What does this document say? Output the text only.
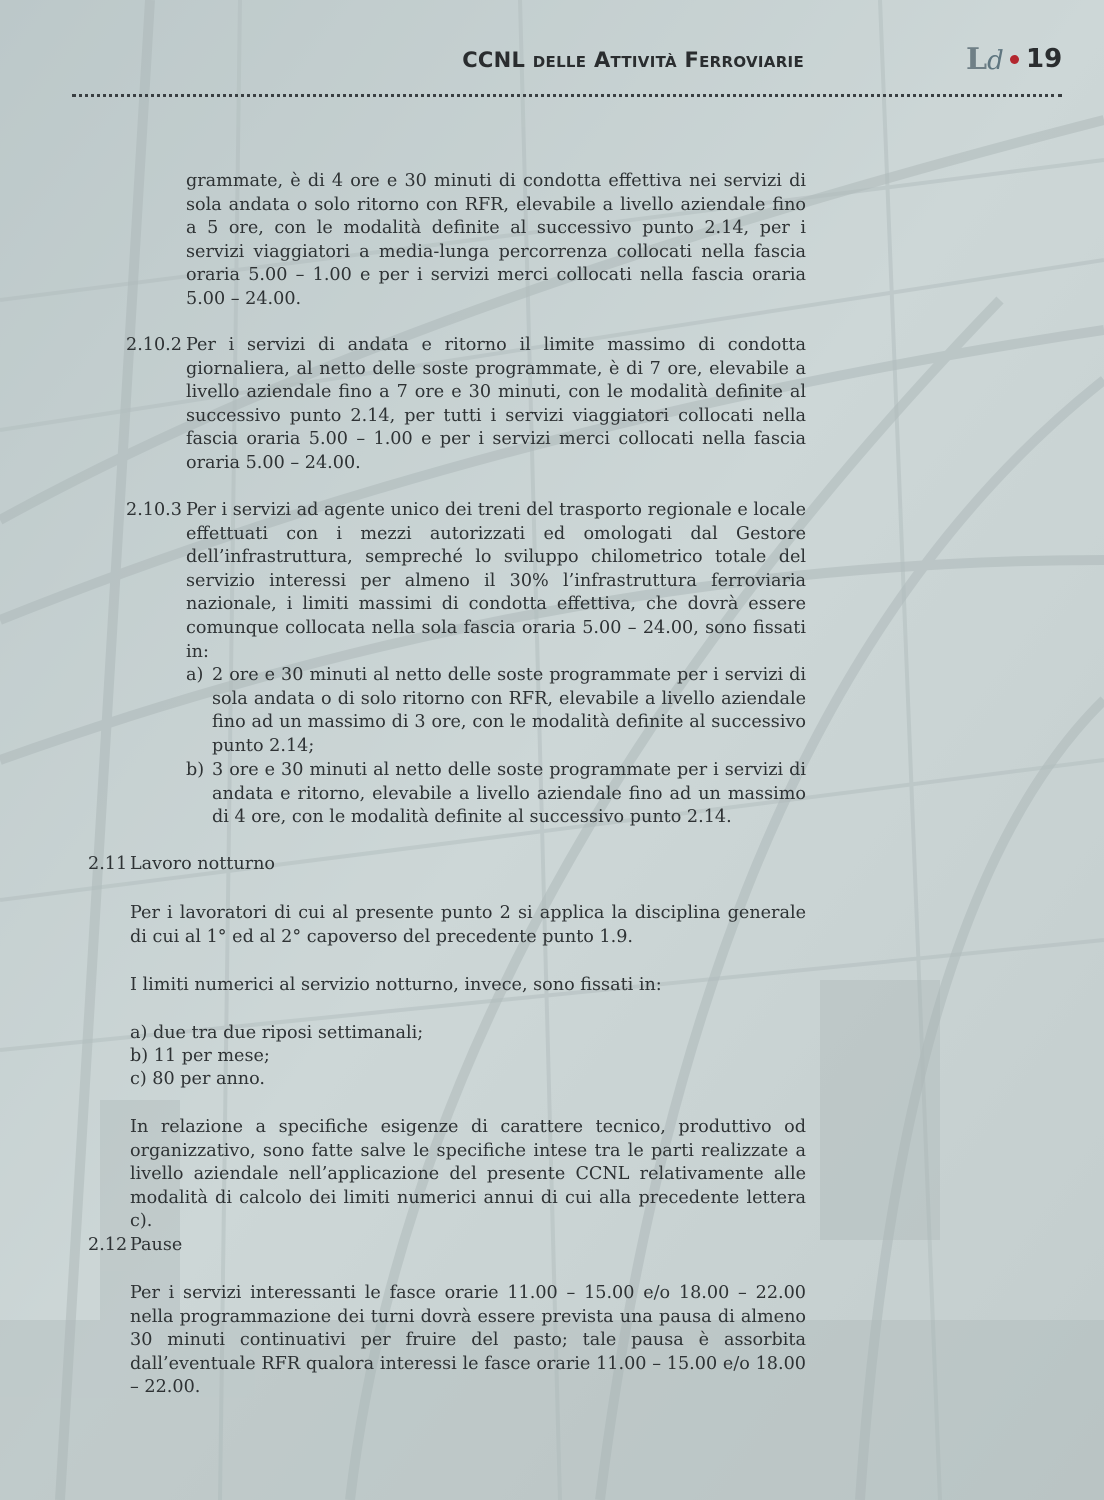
CCNL delle Attività Ferroviarie	Ld 19
grammate, è di 4 ore e 30 minuti di condotta effettiva nei servizi di sola andata o solo ritorno con RFR, elevabile a livello aziendale fino a 5 ore, con le modalità definite al successivo punto 2.14, per i servizi viaggiatori a media-lunga percorrenza collocati nella fascia oraria 5.00 – 1.00 e per i servizi merci collocati nella fascia oraria 5.00 – 24.00.
2.10.2 Per i servizi di andata e ritorno il limite massimo di condotta giornaliera, al netto delle soste programmate, è di 7 ore, elevabile a livello aziendale fino a 7 ore e 30 minuti, con le modalità definite al successivo punto 2.14, per tutti i servizi viaggiatori collocati nella fascia oraria 5.00 – 1.00 e per i servizi merci collocati nella fascia oraria 5.00 – 24.00.
2.10.3 Per i servizi ad agente unico dei treni del trasporto regionale e locale effettuati con i mezzi autorizzati ed omologati dal Gestore dell’infrastruttura, sempreché lo sviluppo chilometrico totale del servizio interessi per almeno il 30% l’infrastruttura ferroviaria nazionale, i limiti massimi di condotta effettiva, che dovrà essere comunque collocata nella sola fascia oraria 5.00 – 24.00, sono fissati in:
a) 2 ore e 30 minuti al netto delle soste programmate per i servizi di sola andata o di solo ritorno con RFR, elevabile a livello aziendale fino ad un massimo di 3 ore, con le modalità definite al successivo punto 2.14;
b) 3 ore e 30 minuti al netto delle soste programmate per i servizi di andata e ritorno, elevabile a livello aziendale fino ad un massimo di 4 ore, con le modalità definite al successivo punto 2.14.
2.11 Lavoro notturno
Per i lavoratori di cui al presente punto 2 si applica la disciplina generale di cui al 1° ed al 2° capoverso del precedente punto 1.9.
I limiti numerici al servizio notturno, invece, sono fissati in:
a) due tra due riposi settimanali;
b) 11 per mese;
c) 80 per anno.
In relazione a specifiche esigenze di carattere tecnico, produttivo od organizzativo, sono fatte salve le specifiche intese tra le parti realizzate a livello aziendale nell’applicazione del presente CCNL relativamente alle modalità di calcolo dei limiti numerici annui di cui alla precedente lettera c).
2.12 Pause
Per i servizi interessanti le fasce orarie 11.00 – 15.00 e/o 18.00 – 22.00 nella programmazione dei turni dovrà essere prevista una pausa di almeno 30 minuti continuativi per fruire del pasto; tale pausa è assorbita dall’eventuale RFR qualora interessi le fasce orarie 11.00 – 15.00 e/o 18.00 – 22.00.
